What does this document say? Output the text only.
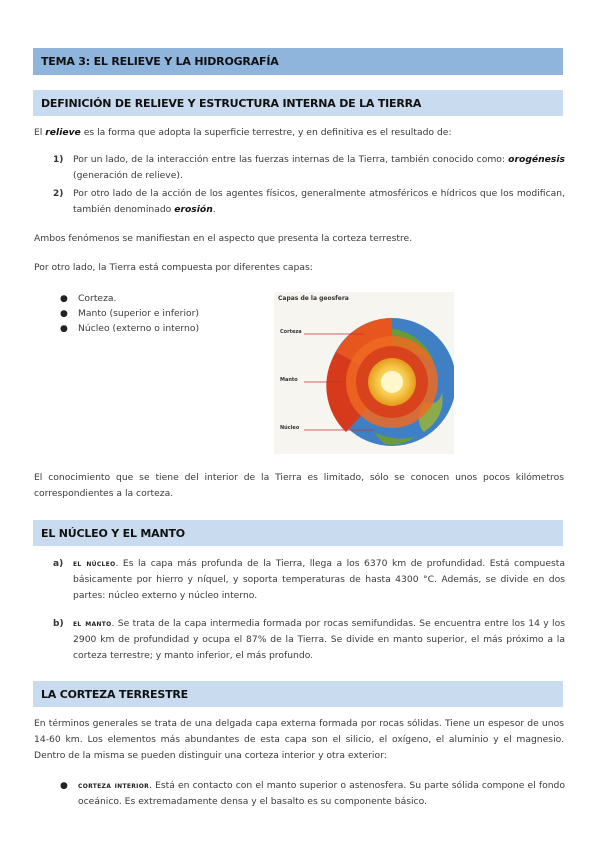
TEMA 3: EL RELIEVE Y LA HIDROGRAFÍA
DEFINICIÓN DE RELIEVE Y ESTRUCTURA INTERNA DE LA TIERRA
El relieve es la forma que adopta la superficie terrestre, y en definitiva es el resultado de:
1) Por un lado, de la interacción entre las fuerzas internas de la Tierra, también conocido como: orogénesis (generación de relieve).
2) Por otro lado de la acción de los agentes físicos, generalmente atmosféricos e hídricos que los modifican, también denominado erosión.
Ambos fenómenos se manifiestan en el aspecto que presenta la corteza terrestre.
Por otro lado, la Tierra está compuesta por diferentes capas:
● Corteza.
● Manto (superior e inferior)
● Núcleo (externo o interno)
Capas de la geosfera
Corteza
Manto
Núcleo
El conocimiento que se tiene del interior de la Tierra es limitado, sólo se conocen unos pocos kilómetros correspondientes a la corteza.
EL NÚCLEO Y EL MANTO
a) el núcleo. Es la capa más profunda de la Tierra, llega a los 6370 km de profundidad. Está compuesta básicamente por hierro y níquel, y soporta temperaturas de hasta 4300 °C. Además, se divide en dos partes: núcleo externo y núcleo interno.
b) el manto. Se trata de la capa intermedia formada por rocas semifundidas. Se encuentra entre los 14 y los 2900 km de profundidad y ocupa el 87% de la Tierra. Se divide en manto superior, el más próximo a la corteza terrestre; y manto inferior, el más profundo.
LA CORTEZA TERRESTRE
En términos generales se trata de una delgada capa externa formada por rocas sólidas. Tiene un espesor de unos 14-60 km. Los elementos más abundantes de esta capa son el silicio, el oxígeno, el aluminio y el magnesio. Dentro de la misma se pueden distinguir una corteza interior y otra exterior:
● corteza interior. Está en contacto con el manto superior o astenosfera. Su parte sólida compone el fondo oceánico. Es extremadamente densa y el basalto es su componente básico.
